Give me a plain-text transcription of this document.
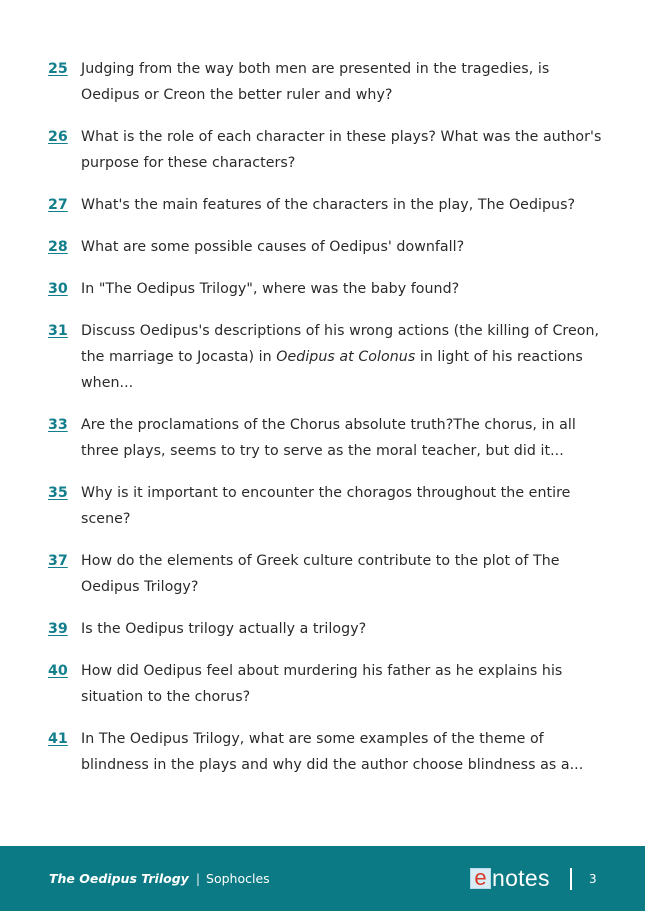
25 Judging from the way both men are presented in the tragedies, is Oedipus or Creon the better ruler and why?
26 What is the role of each character in these plays? What was the author's purpose for these characters?
27 What's the main features of the characters in the play, The Oedipus?
28 What are some possible causes of Oedipus' downfall?
30 In "The Oedipus Trilogy", where was the baby found?
31 Discuss Oedipus's descriptions of his wrong actions (the killing of Creon, the marriage to Jocasta) in Oedipus at Colonus in light of his reactions when...
33 Are the proclamations of the Chorus absolute truth?The chorus, in all three plays, seems to try to serve as the moral teacher, but did it...
35 Why is it important to encounter the choragos throughout the entire scene?
37 How do the elements of Greek culture contribute to the plot of The Oedipus Trilogy?
39 Is the Oedipus trilogy actually a trilogy?
40 How did Oedipus feel about murdering his father as he explains his situation to the chorus?
41 In The Oedipus Trilogy, what are some examples of the theme of blindness in the plays and why did the author choose blindness as a...
The Oedipus Trilogy | Sophocles	e notes	3
